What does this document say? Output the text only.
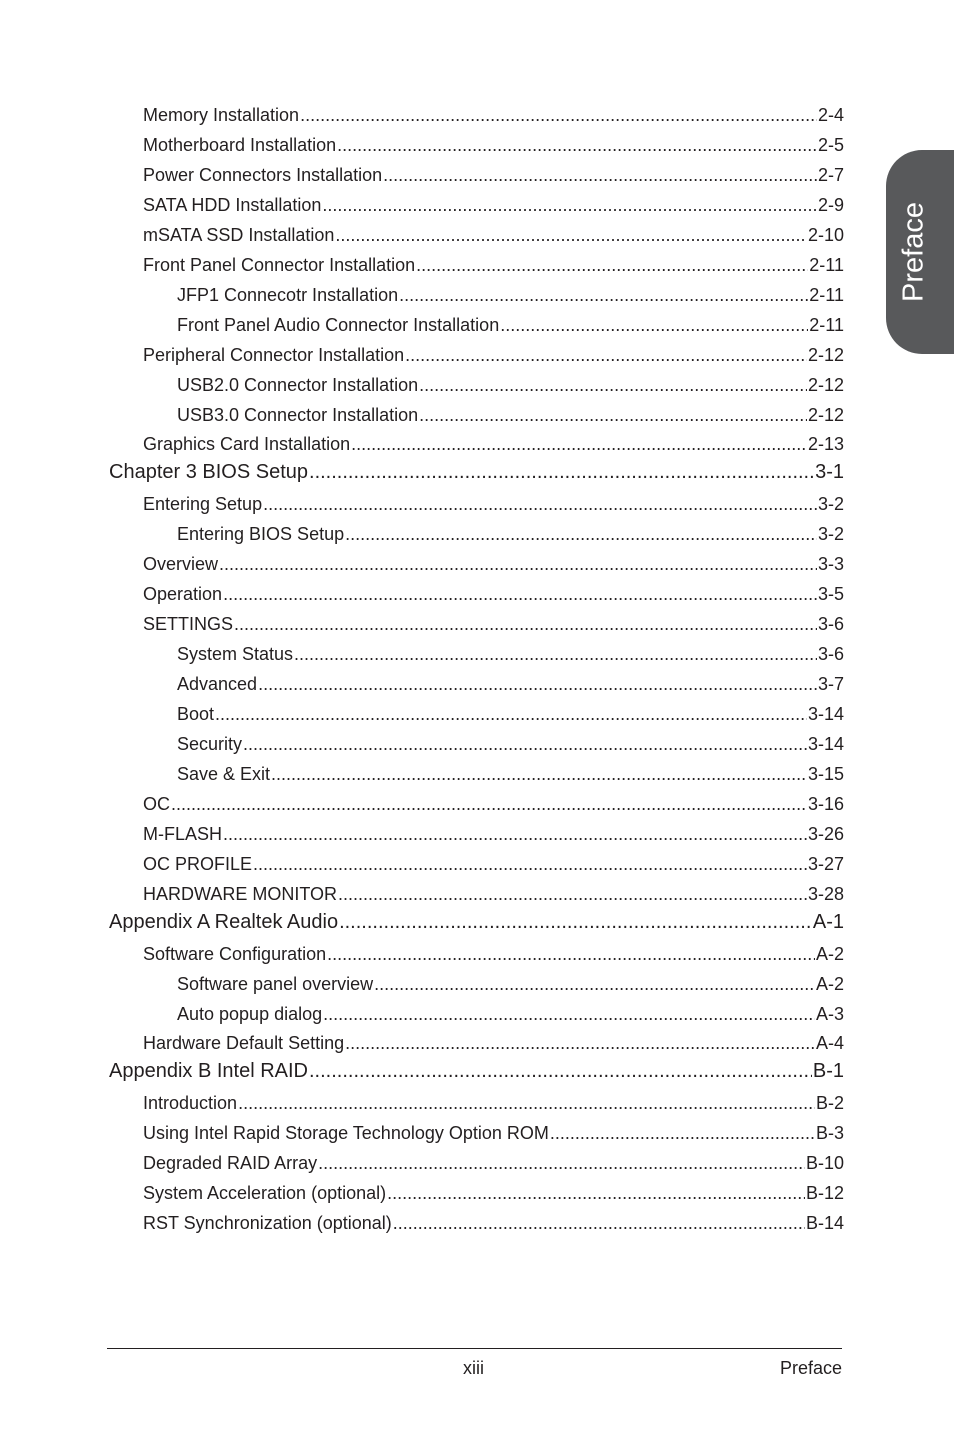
Preface
Memory Installation .....	2-4
Motherboard Installation .....	2-5
Power Connectors Installation .....	2-7
SATA HDD Installation .....	2-9
mSATA SSD Installation .....	2-10
Front Panel Connector Installation .....	2-11
JFP1 Connecotr Installation .....	2-11
Front Panel Audio Connector Installation .....	2-11
Peripheral Connector Installation .....	2-12
USB2.0 Connector Installation .....	2-12
USB3.0 Connector Installation .....	2-12
Graphics Card Installation .....	2-13
Chapter 3 BIOS Setup .....	3-1
Entering Setup .....	3-2
Entering BIOS Setup .....	3-2
Overview .....	3-3
Operation .....	3-5
SETTINGS .....	3-6
System Status .....	3-6
Advanced .....	3-7
Boot .....	3-14
Security .....	3-14
Save & Exit .....	3-15
OC .....	3-16
M-FLASH .....	3-26
OC PROFILE .....	3-27
HARDWARE MONITOR .....	3-28
Appendix A Realtek Audio .....	A-1
Software Configuration .....	A-2
Software panel overview .....	A-2
Auto popup dialog .....	A-3
Hardware Default Setting .....	A-4
Appendix B Intel RAID .....	B-1
Introduction .....	B-2
Using Intel Rapid Storage Technology Option ROM .....	B-3
Degraded RAID Array .....	B-10
System Acceleration (optional) .....	B-12
RST Synchronization (optional) .....	B-14
xiii	Preface
